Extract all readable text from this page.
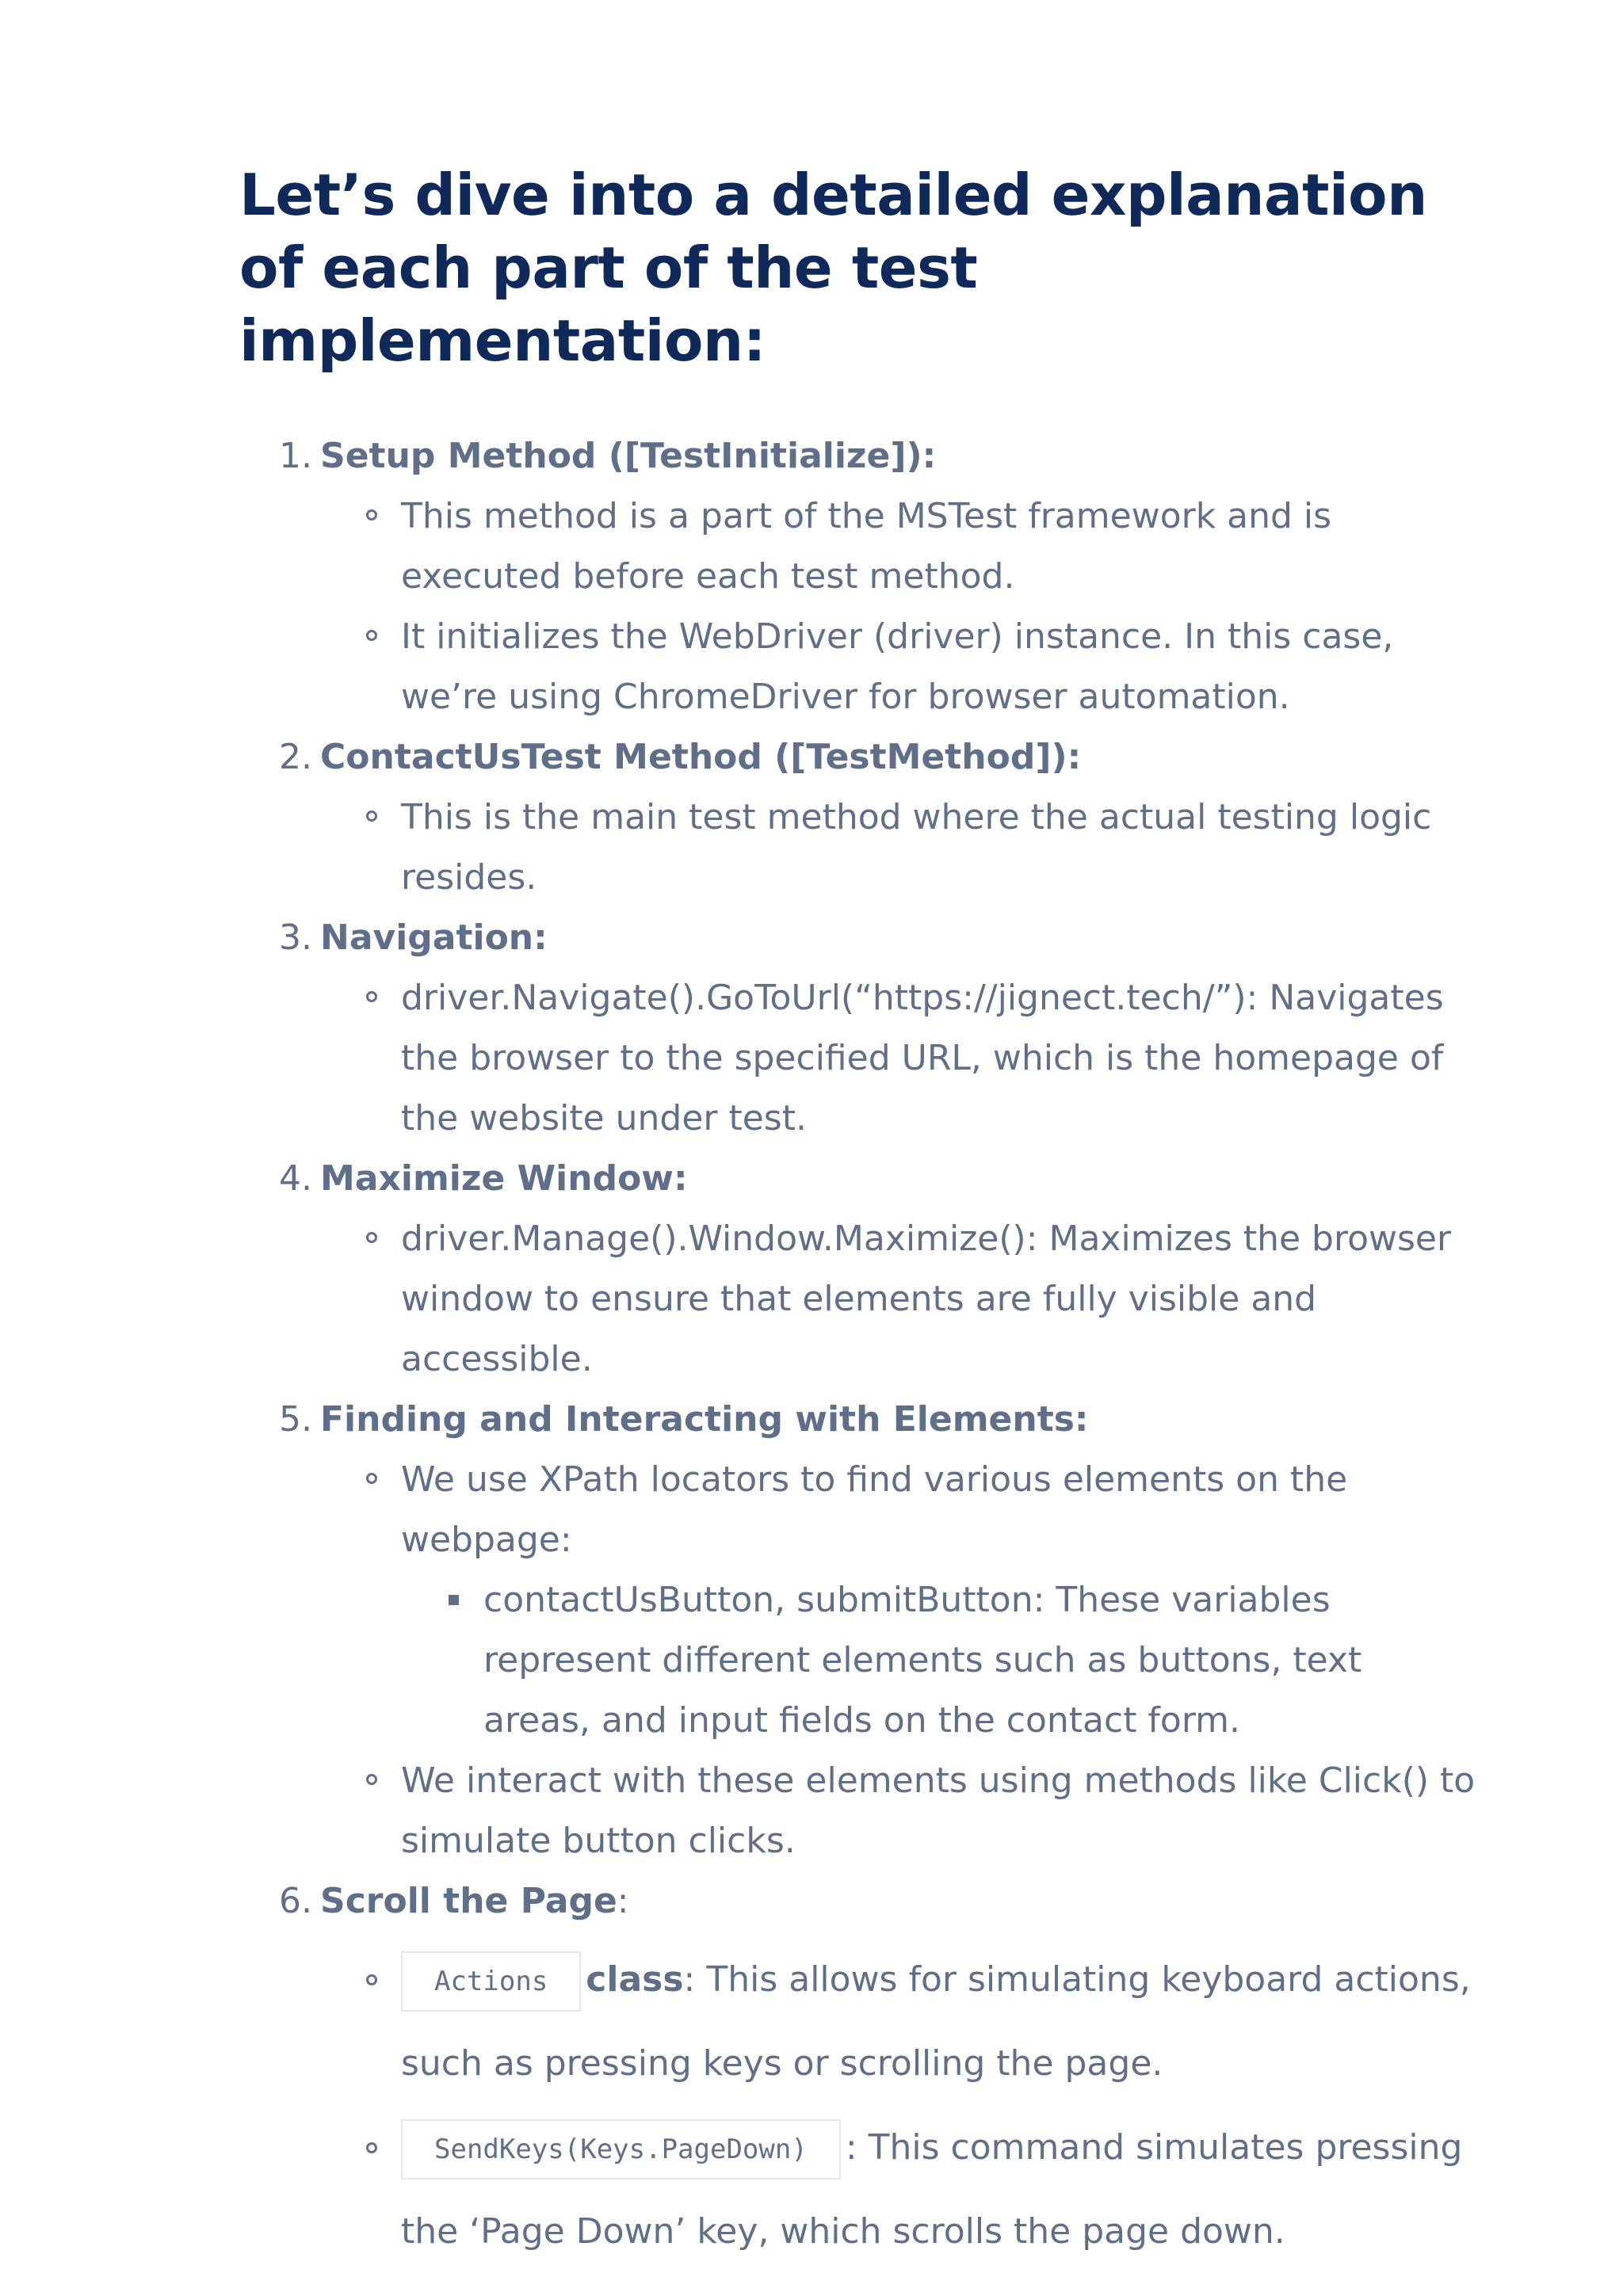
Let’s dive into a detailed explanation of each part of the test implementation:
1. Setup Method ([TestInitialize]):
This method is a part of the MSTest framework and is executed before each test method.
It initializes the WebDriver (driver) instance. In this case, we’re using ChromeDriver for browser automation.
2. ContactUsTest Method ([TestMethod]):
This is the main test method where the actual testing logic resides.
3. Navigation:
driver.Navigate().GoToUrl(“https://jignect.tech/”): Navigates the browser to the specified URL, which is the homepage of the website under test.
4. Maximize Window:
driver.Manage().Window.Maximize(): Maximizes the browser window to ensure that elements are fully visible and accessible.
5. Finding and Interacting with Elements:
We use XPath locators to find various elements on the webpage:
contactUsButton, submitButton: These variables represent different elements such as buttons, text areas, and input fields on the contact form.
We interact with these elements using methods like Click() to simulate button clicks.
6. Scroll the Page:
Actions class: This allows for simulating keyboard actions, such as pressing keys or scrolling the page.
SendKeys(Keys.PageDown) : This command simulates pressing the ‘Page Down’ key, which scrolls the page down.
